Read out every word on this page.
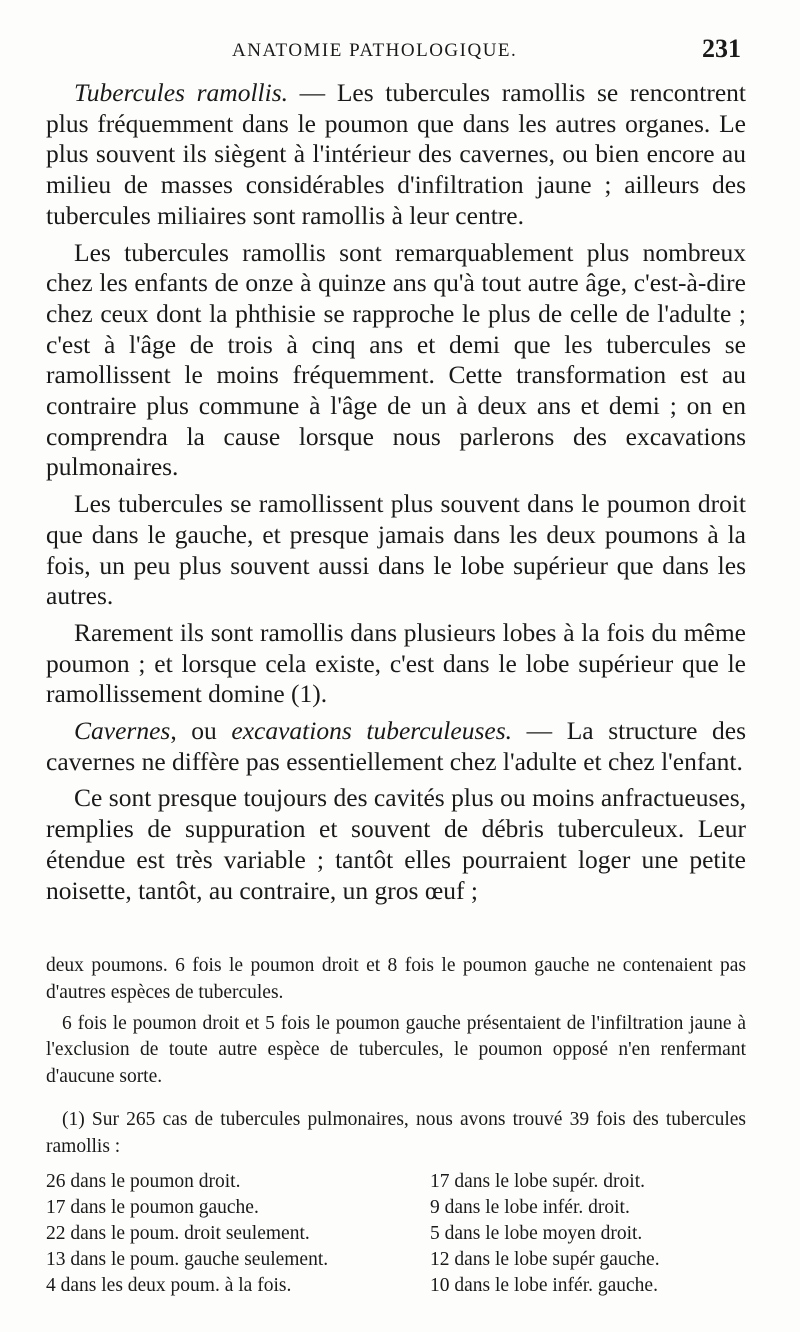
ANATOMIE PATHOLOGIQUE.	231

Tubercules ramollis. — Les tubercules ramollis se rencontrent plus fréquemment dans le poumon que dans les autres organes. Le plus souvent ils siègent à l'intérieur des cavernes, ou bien encore au milieu de masses considérables d'infiltration jaune ; ailleurs des tubercules miliaires sont ramollis à leur centre.

Les tubercules ramollis sont remarquablement plus nombreux chez les enfants de onze à quinze ans qu'à tout autre âge, c'est-à-dire chez ceux dont la phthisie se rapproche le plus de celle de l'adulte ; c'est à l'âge de trois à cinq ans et demi que les tubercules se ramollissent le moins fréquemment. Cette transformation est au contraire plus commune à l'âge de un à deux ans et demi ; on en comprendra la cause lorsque nous parlerons des excavations pulmonaires.

Les tubercules se ramollissent plus souvent dans le poumon droit que dans le gauche, et presque jamais dans les deux poumons à la fois, un peu plus souvent aussi dans le lobe supérieur que dans les autres.

Rarement ils sont ramollis dans plusieurs lobes à la fois du même poumon ; et lorsque cela existe, c'est dans le lobe supérieur que le ramollissement domine (1).

Cavernes, ou excavations tuberculeuses. — La structure des cavernes ne diffère pas essentiellement chez l'adulte et chez l'enfant.

Ce sont presque toujours des cavités plus ou moins anfractueuses, remplies de suppuration et souvent de débris tuberculeux. Leur étendue est très variable ; tantôt elles pourraient loger une petite noisette, tantôt, au contraire, un gros œuf ;

deux poumons. 6 fois le poumon droit et 8 fois le poumon gauche ne contenaient pas d'autres espèces de tubercules.

6 fois le poumon droit et 5 fois le poumon gauche présentaient de l'infiltration jaune à l'exclusion de toute autre espèce de tubercules, le poumon opposé n'en renfermant d'aucune sorte.

(1) Sur 265 cas de tubercules pulmonaires, nous avons trouvé 39 fois des tubercules ramollis :

26 dans le poumon droit.	17 dans le lobe supér. droit.
17 dans le poumon gauche.	9 dans le lobe infér. droit.
22 dans le poum. droit seulement.	5 dans le lobe moyen droit.
13 dans le poum. gauche seulement.	12 dans le lobe supér gauche.
4 dans les deux poum. à la fois.	10 dans le lobe infér. gauche.
